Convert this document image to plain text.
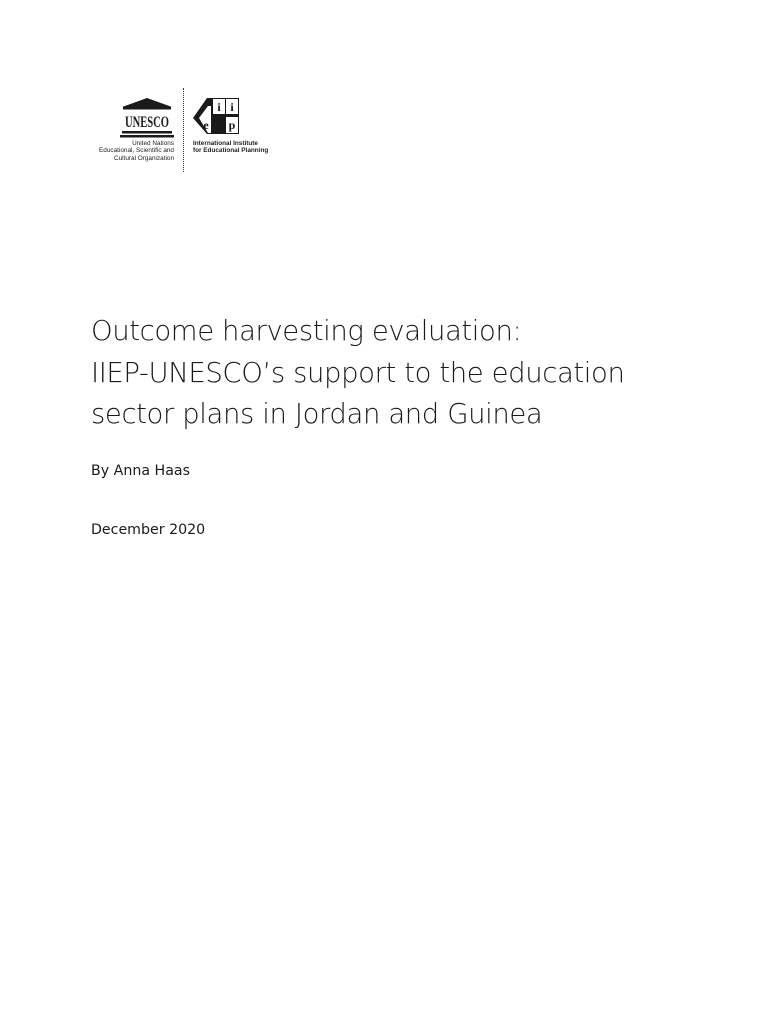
UNESCO
United Nations
Educational, Scientific and
Cultural Organization
i i
e p
International Institute
for Educational Planning
Outcome harvesting evaluation:
IIEP-UNESCO’s support to the education
sector plans in Jordan and Guinea
By Anna Haas
December 2020
